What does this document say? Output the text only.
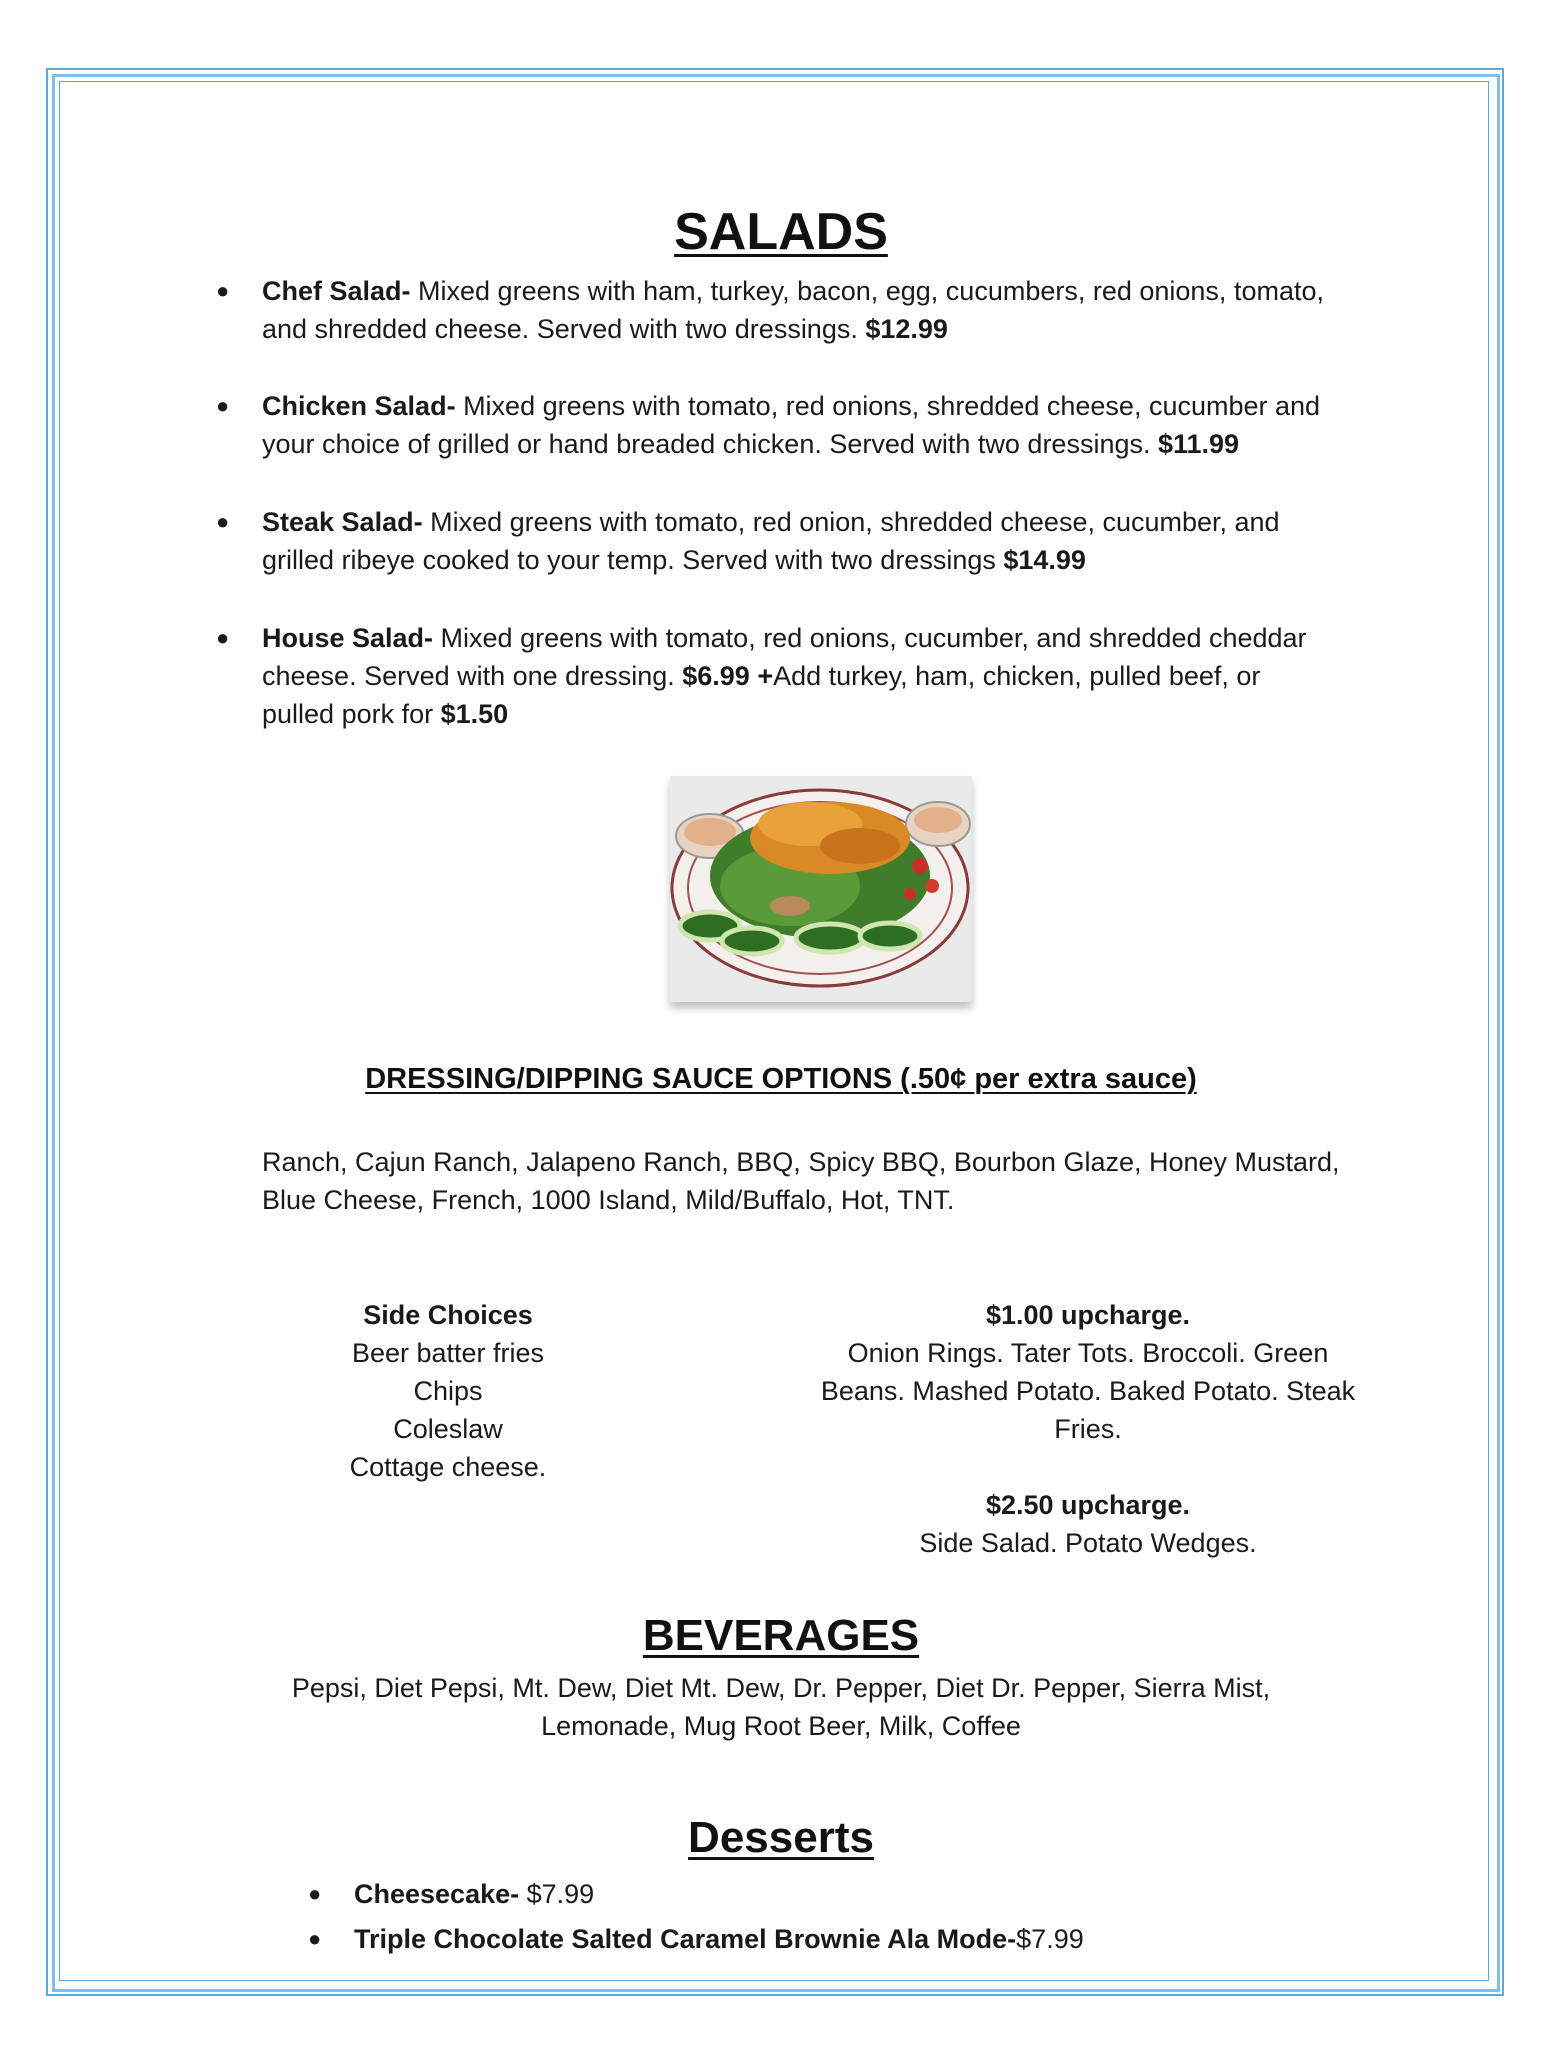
SALADS
● Chef Salad- Mixed greens with ham, turkey, bacon, egg, cucumbers, red onions, tomato,
and shredded cheese. Served with two dressings. $12.99
● Chicken Salad- Mixed greens with tomato, red onions, shredded cheese, cucumber and
your choice of grilled or hand breaded chicken. Served with two dressings. $11.99
● Steak Salad- Mixed greens with tomato, red onion, shredded cheese, cucumber, and
grilled ribeye cooked to your temp. Served with two dressings $14.99
● House Salad- Mixed greens with tomato, red onions, cucumber, and shredded cheddar
cheese. Served with one dressing. $6.99 +Add turkey, ham, chicken, pulled beef, or
pulled pork for $1.50
DRESSING/DIPPING SAUCE OPTIONS (.50¢ per extra sauce)
Ranch, Cajun Ranch, Jalapeno Ranch, BBQ, Spicy BBQ, Bourbon Glaze, Honey Mustard,
Blue Cheese, French, 1000 Island, Mild/Buffalo, Hot, TNT.
Side Choices
Beer batter fries
Chips
Coleslaw
Cottage cheese.
$1.00 upcharge.
Onion Rings. Tater Tots. Broccoli. Green
Beans. Mashed Potato. Baked Potato. Steak
Fries.
$2.50 upcharge.
Side Salad. Potato Wedges.
BEVERAGES
Pepsi, Diet Pepsi, Mt. Dew, Diet Mt. Dew, Dr. Pepper, Diet Dr. Pepper, Sierra Mist,
Lemonade, Mug Root Beer, Milk, Coffee
Desserts
● Cheesecake- $7.99
● Triple Chocolate Salted Caramel Brownie Ala Mode-$7.99
